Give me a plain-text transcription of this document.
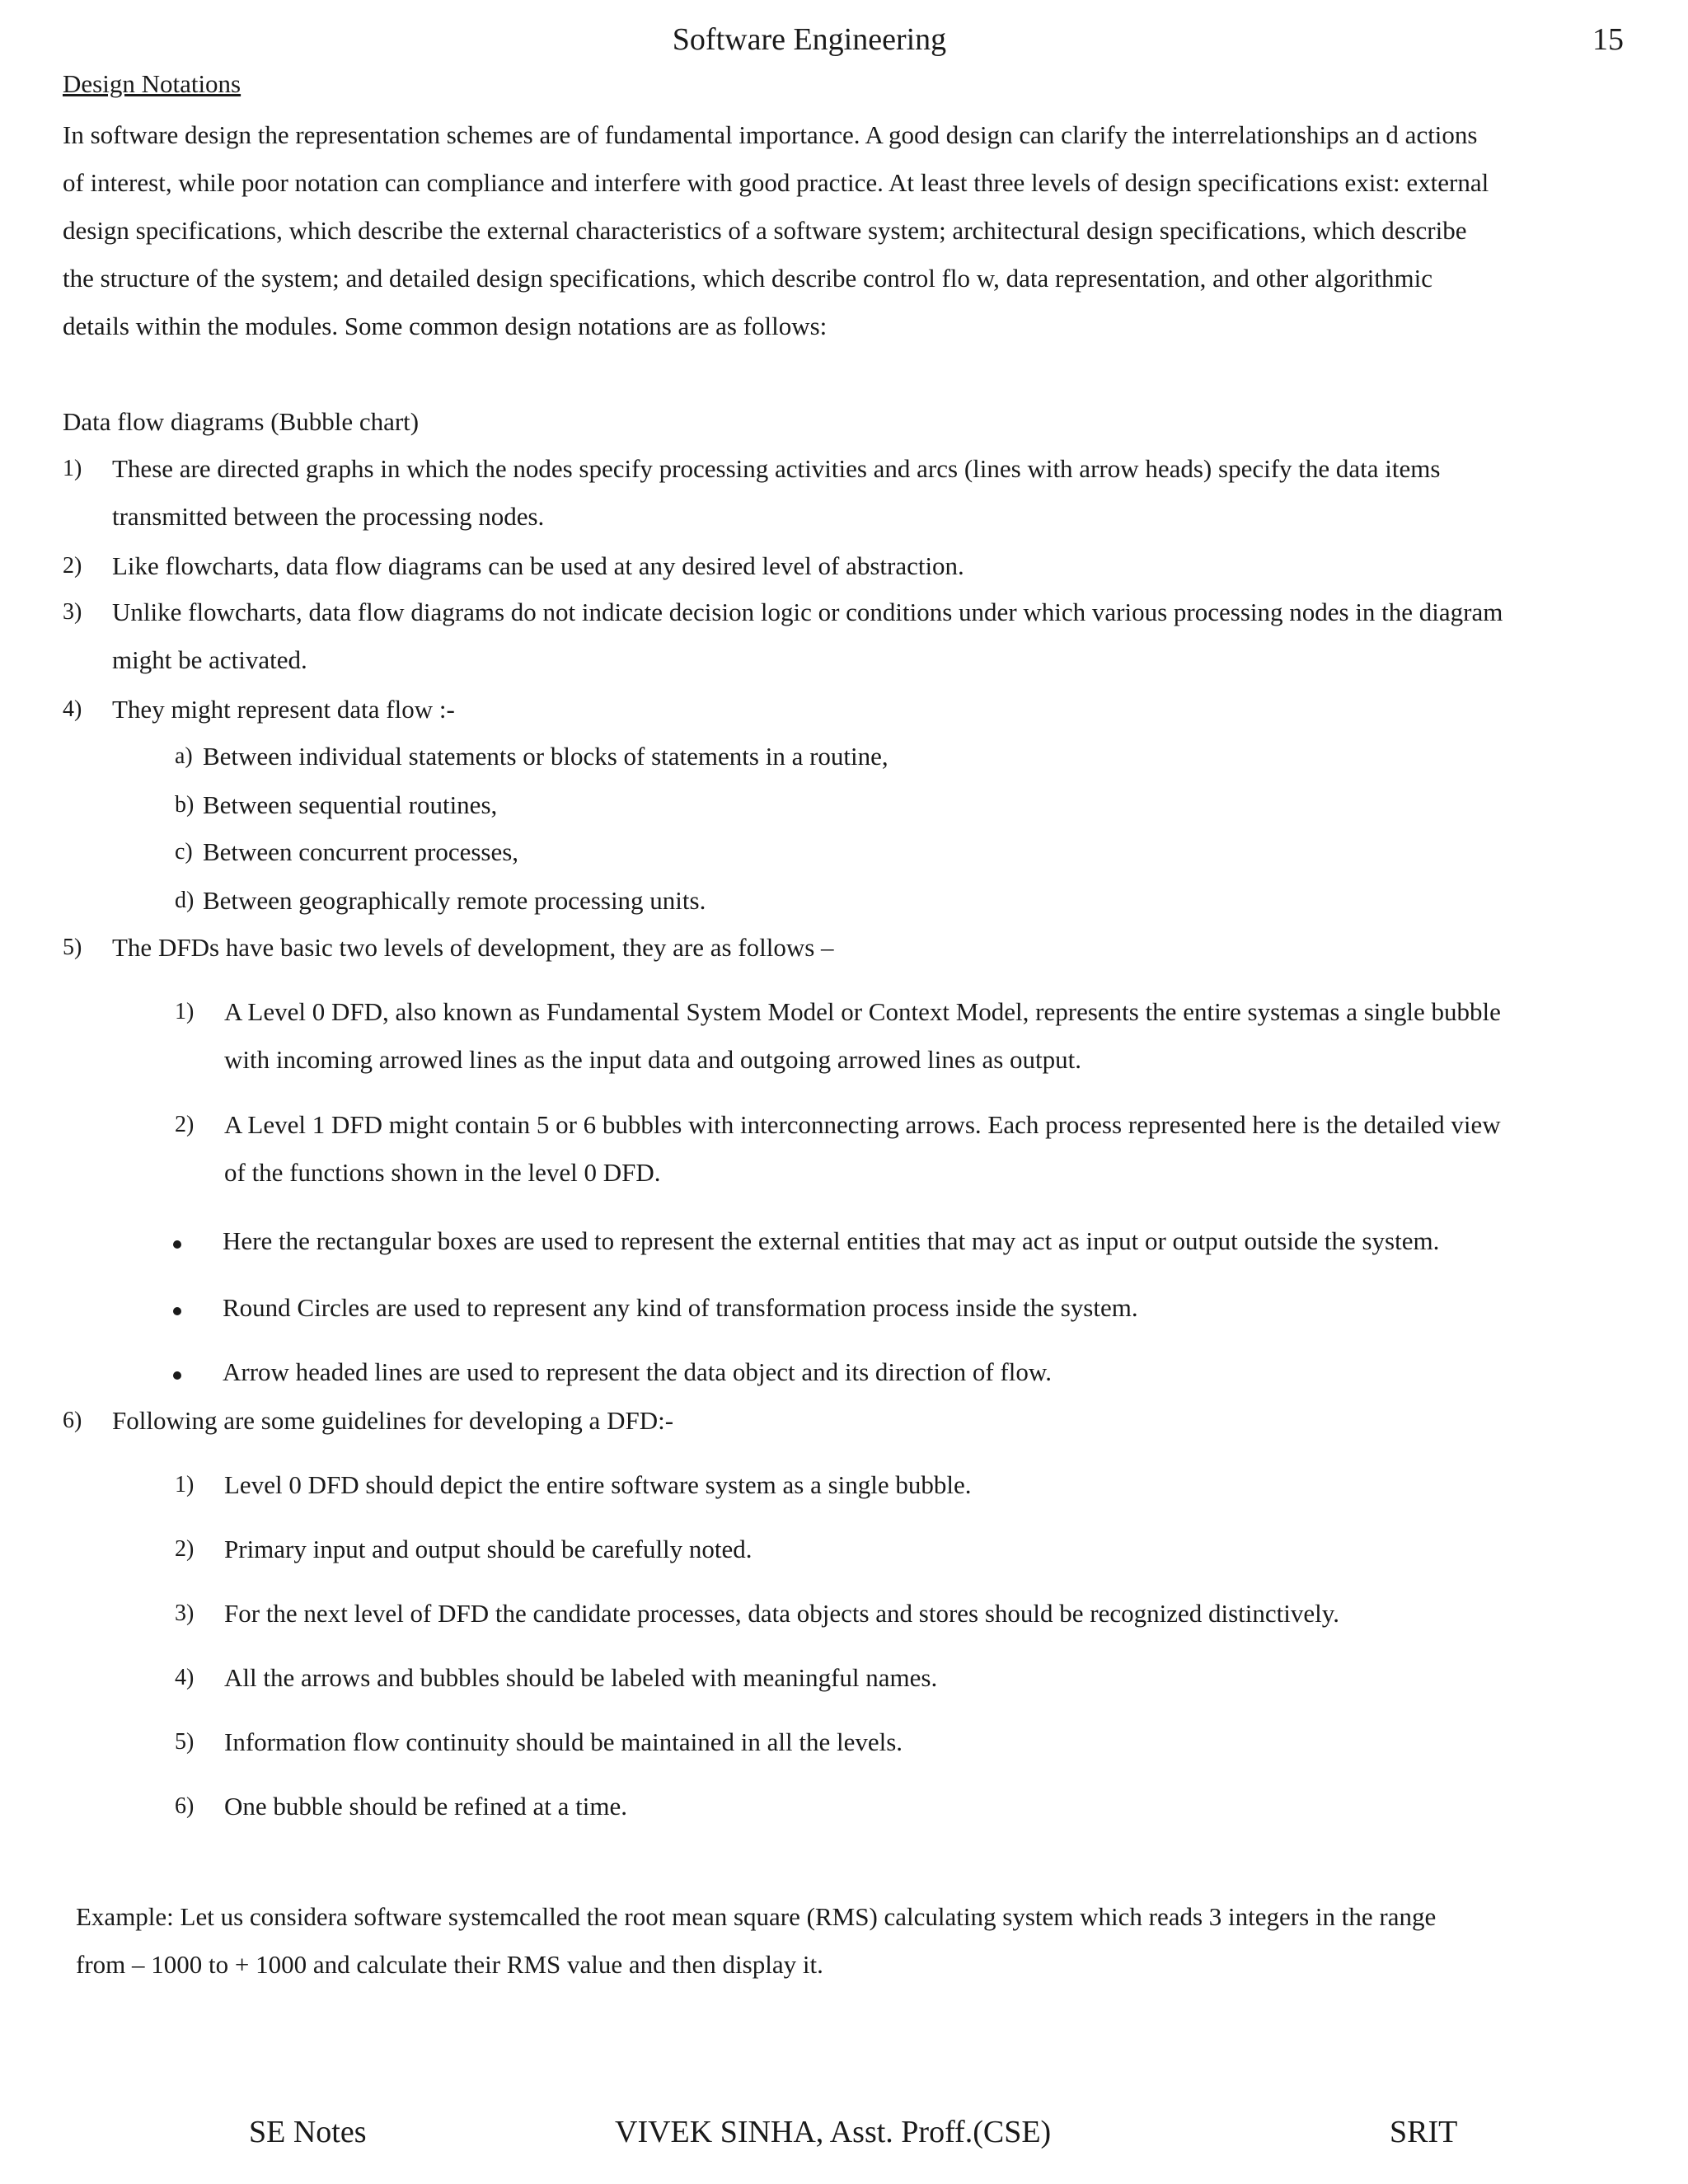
Software Engineering	15
Design Notations
In software design the representation schemes are of fundamental importance. A good design can clarify the interrelationships an d actions
of interest, while poor notation can compliance and interfere with good practice. At least three levels of design specifications exist: external
design specifications, which describe the external characteristics of a software system; architectural design specifications, which describe
the structure of the system; and detailed design specifications, which describe control flo w, data representation, and other algorithmic
details within the modules. Some common design notations are as follows:
Data flow diagrams (Bubble chart)
1) These are directed graphs in which the nodes specify processing activities and arcs (lines with arrow heads) specify the data items
transmitted between the processing nodes.
2) Like flowcharts, data flow diagrams can be used at any desired level of abstraction.
3) Unlike flowcharts, data flow diagrams do not indicate decision logic or conditions under which various processing nodes in the diagram
might be activated.
4) They might represent data flow :-
a) Between individual statements or blocks of statements in a routine,
b) Between sequential routines,
c) Between concurrent processes,
d) Between geographically remote processing units.
5) The DFDs have basic two levels of development, they are as follows –
1) A Level 0 DFD, also known as Fundamental System Model or Context Model, represents the entire systemas a single bubble
with incoming arrowed lines as the input data and outgoing arrowed lines as output.
2) A Level 1 DFD might contain 5 or 6 bubbles with interconnecting arrows. Each process represented here is the detailed view
of the functions shown in the level 0 DFD.
Here the rectangular boxes are used to represent the external entities that may act as input or output outside the system.
Round Circles are used to represent any kind of transformation process inside the system.
Arrow headed lines are used to represent the data object and its direction of flow.
6) Following are some guidelines for developing a DFD:-
1) Level 0 DFD should depict the entire software system as a single bubble.
2) Primary input and output should be carefully noted.
3) For the next level of DFD the candidate processes, data objects and stores should be recognized distinctively.
4) All the arrows and bubbles should be labeled with meaningful names.
5) Information flow continuity should be maintained in all the levels.
6) One bubble should be refined at a time.
Example: Let us considera software systemcalled the root mean square (RMS) calculating system which reads 3 integers in the range
from – 1000 to + 1000 and calculate their RMS value and then display it.
SE Notes	VIVEK SINHA, Asst. Proff.(CSE)	SRIT
